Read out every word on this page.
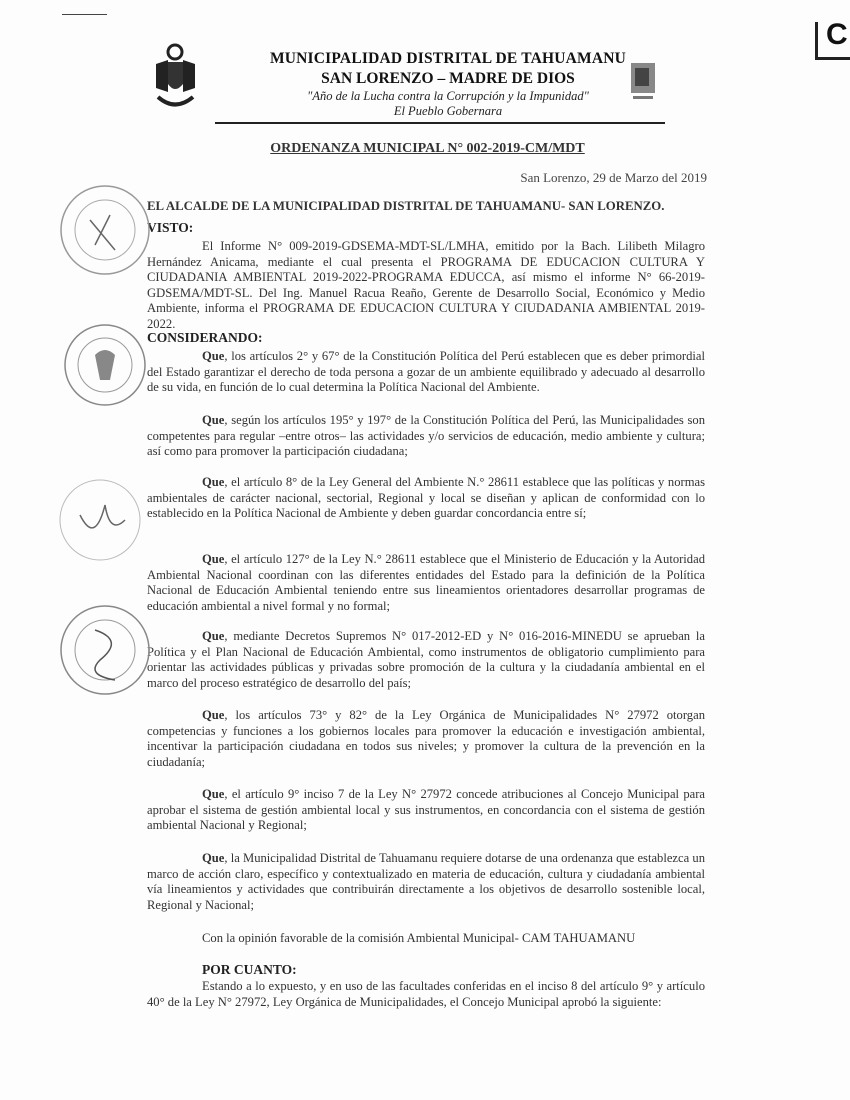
C
MUNICIPALIDAD DISTRITAL DE TAHUAMANU
SAN LORENZO – MADRE DE DIOS
"Año de la Lucha contra la Corrupción y la Impunidad"
El Pueblo Gobernara
ORDENANZA MUNICIPAL N° 002-2019-CM/MDT
San Lorenzo, 29 de Marzo del 2019
EL ALCALDE DE LA MUNICIPALIDAD DISTRITAL DE TAHUAMANU- SAN LORENZO.
VISTO:

El Informe N° 009-2019-GDSEMA-MDT-SL/LMHA, emitido por la Bach. Lilibeth Milagro Hernández Anicama, mediante el cual presenta el PROGRAMA DE EDUCACION CULTURA Y CIUDADANIA AMBIENTAL 2019-2022-PROGRAMA EDUCCA, así mismo el informe N° 66-2019-GDSEMA/MDT-SL. Del Ing. Manuel Racua Reaño, Gerente de Desarrollo Social, Económico y Medio Ambiente, informa el PROGRAMA DE EDUCACION CULTURA Y CIUDADANIA AMBIENTAL 2019-2022.

CONSIDERANDO:

Que, los artículos 2° y 67° de la Constitución Política del Perú establecen que es deber primordial del Estado garantizar el derecho de toda persona a gozar de un ambiente equilibrado y adecuado al desarrollo de su vida, en función de lo cual determina la Política Nacional del Ambiente.

Que, según los artículos 195° y 197° de la Constitución Política del Perú, las Municipalidades son competentes para regular –entre otros– las actividades y/o servicios de educación, medio ambiente y cultura; así como para promover la participación ciudadana;

Que, el artículo 8° de la Ley General del Ambiente N.° 28611 establece que las políticas y normas ambientales de carácter nacional, sectorial, Regional y local se diseñan y aplican de conformidad con lo establecido en la Política Nacional de Ambiente y deben guardar concordancia entre sí;

Que, el artículo 127° de la Ley N.° 28611 establece que el Ministerio de Educación y la Autoridad Ambiental Nacional coordinan con las diferentes entidades del Estado para la definición de la Política Nacional de Educación Ambiental teniendo entre sus lineamientos orientadores desarrollar programas de educación ambiental a nivel formal y no formal;

Que, mediante Decretos Supremos N° 017-2012-ED y N° 016-2016-MINEDU se aprueban la Política y el Plan Nacional de Educación Ambiental, como instrumentos de obligatorio cumplimiento para orientar las actividades públicas y privadas sobre promoción de la cultura y la ciudadanía ambiental en el marco del proceso estratégico de desarrollo del país;

Que, los artículos 73° y 82° de la Ley Orgánica de Municipalidades N° 27972 otorgan competencias y funciones a los gobiernos locales para promover la educación e investigación ambiental, incentivar la participación ciudadana en todos sus niveles; y promover la cultura de la prevención en la ciudadanía;

Que, el artículo 9° inciso 7 de la Ley N° 27972 concede atribuciones al Concejo Municipal para aprobar el sistema de gestión ambiental local y sus instrumentos, en concordancia con el sistema de gestión ambiental Nacional y Regional;

Que, la Municipalidad Distrital de Tahuamanu requiere dotarse de una ordenanza que establezca un marco de acción claro, específico y contextualizado en materia de educación, cultura y ciudadanía ambiental vía lineamientos y actividades que contribuirán directamente a los objetivos de desarrollo sostenible local, Regional y Nacional;

Con la opinión favorable de la comisión Ambiental Municipal- CAM TAHUAMANU

POR CUANTO:

Estando a lo expuesto, y en uso de las facultades conferidas en el inciso 8 del artículo 9° y artículo 40° de la Ley N° 27972, Ley Orgánica de Municipalidades, el Concejo Municipal aprobó la siguiente:
